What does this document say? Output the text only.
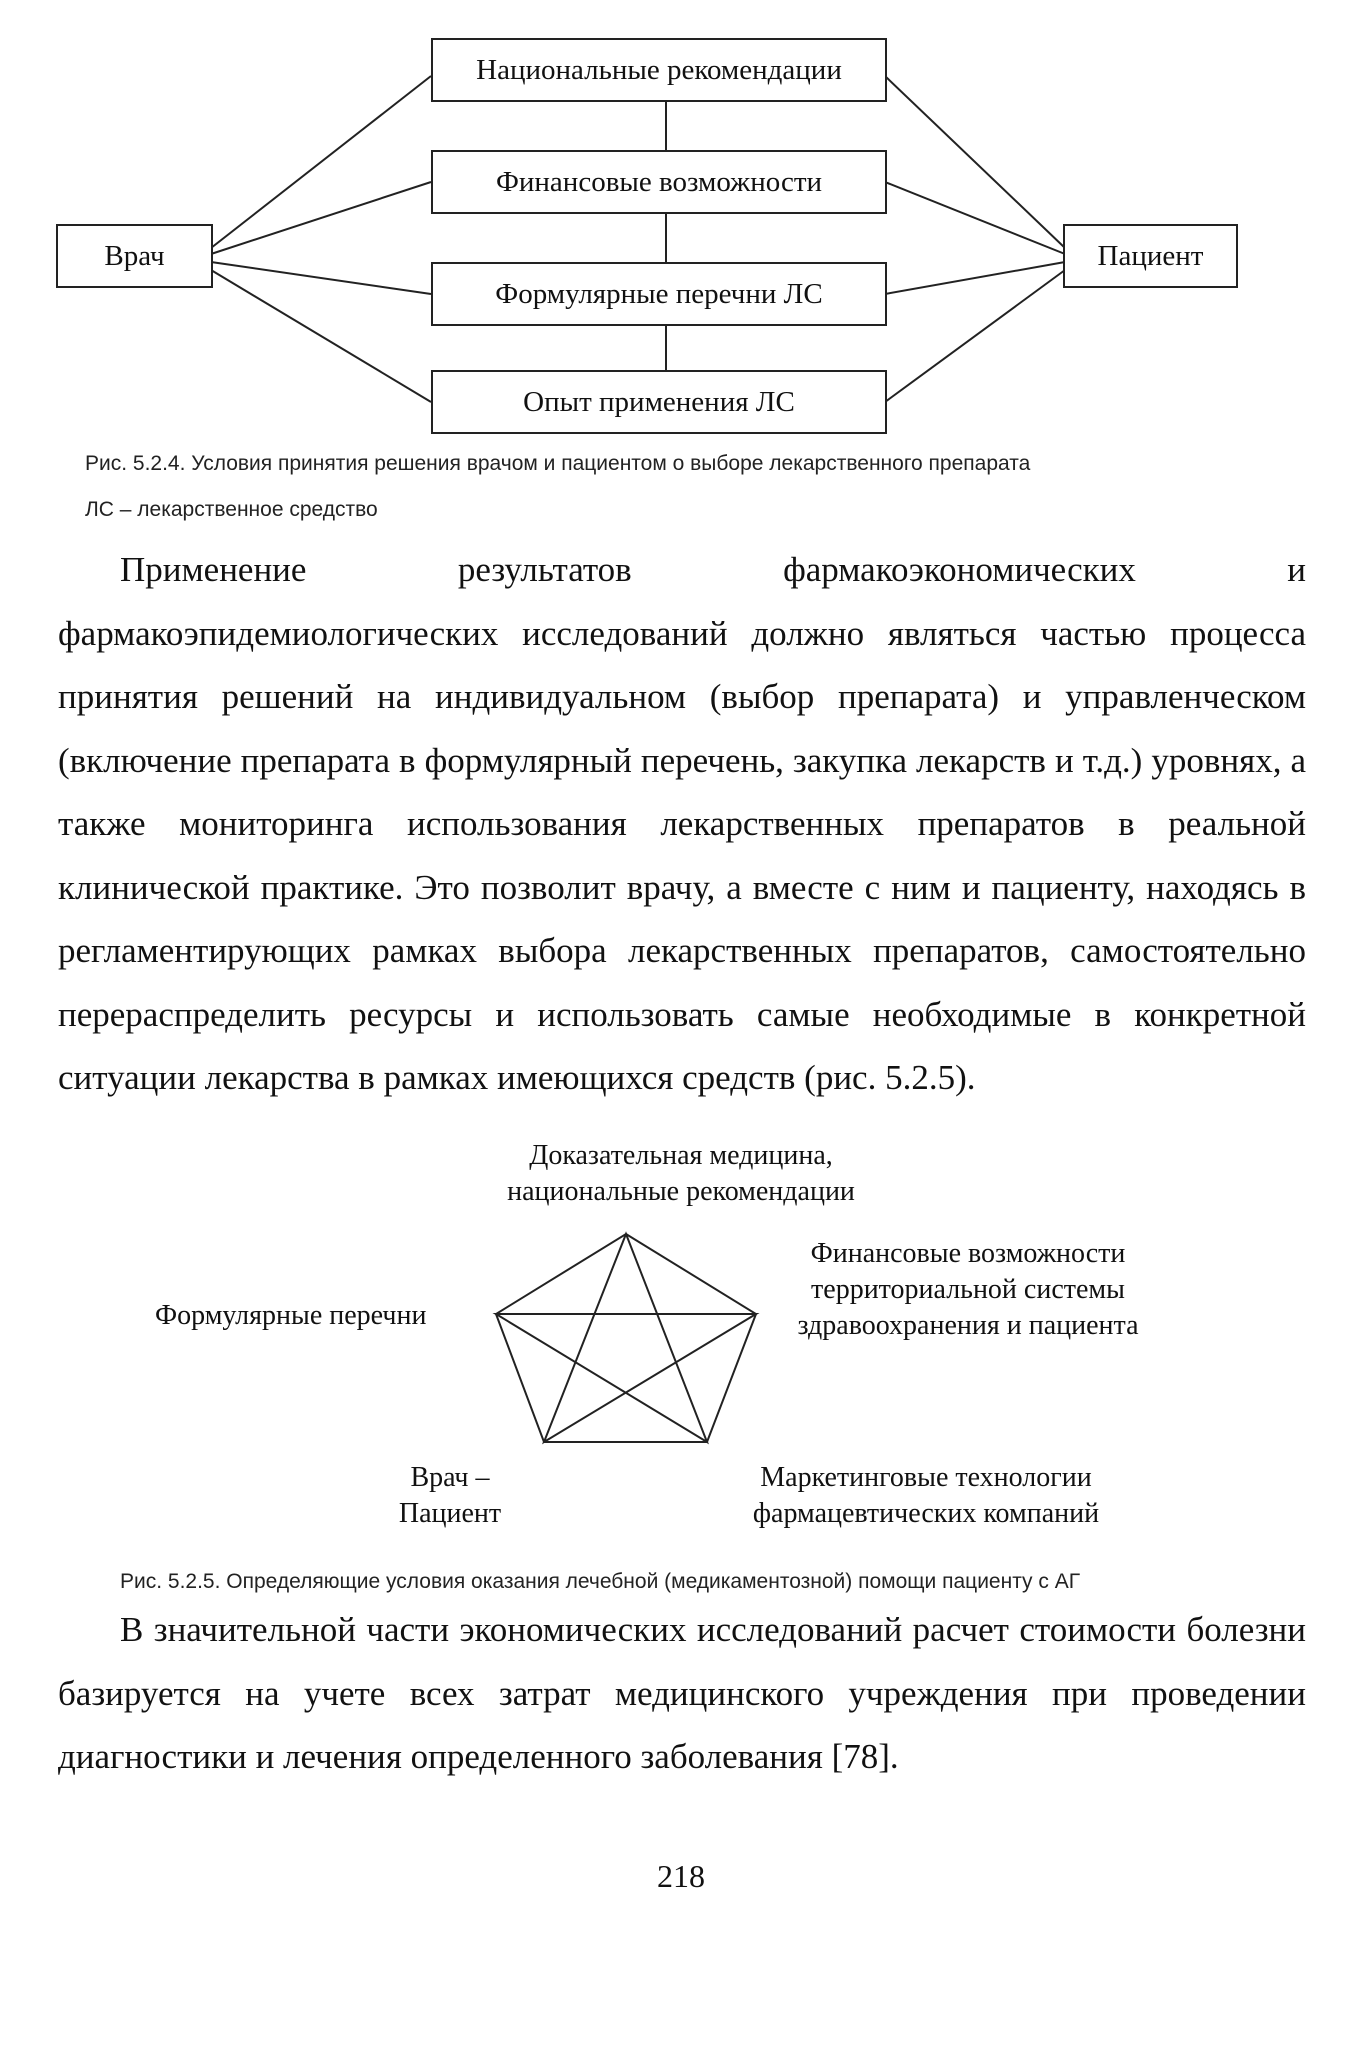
Врач	Пациент
Национальные рекомендации
Финансовые возможности
Формулярные перечни ЛС
Опыт применения ЛС
Рис. 5.2.4. Условия принятия решения врачом и пациентом о выборе лекарственного препарата
ЛС – лекарственное средство

Применение результатов фармакоэкономических и фармакоэпидемиологических исследований должно являться частью процесса принятия решений на индивидуальном (выбор препарата) и управленческом (включение препарата в формулярный перечень, закупка лекарств и т.д.) уровнях, а также мониторинга использования лекарственных препаратов в реальной клинической практике. Это позволит врачу, а вместе с ним и пациенту, находясь в регламентирующих рамках выбора лекарственных препаратов, самостоятельно перераспределить ресурсы и использовать самые необходимые в конкретной ситуации лекарства в рамках имеющихся средств (рис. 5.2.5).

Доказательная медицина,
национальные рекомендации
Финансовые возможности
территориальной системы
здравоохранения и пациента
Формулярные перечни
Врач –
Пациент
Маркетинговые технологии
фармацевтических компаний
Рис. 5.2.5. Определяющие условия оказания лечебной (медикаментозной) помощи пациенту с АГ

В значительной части экономических исследований расчет стоимости болезни базируется на учете всех затрат медицинского учреждения при проведении диагностики и лечения определенного заболевания [78].

218
